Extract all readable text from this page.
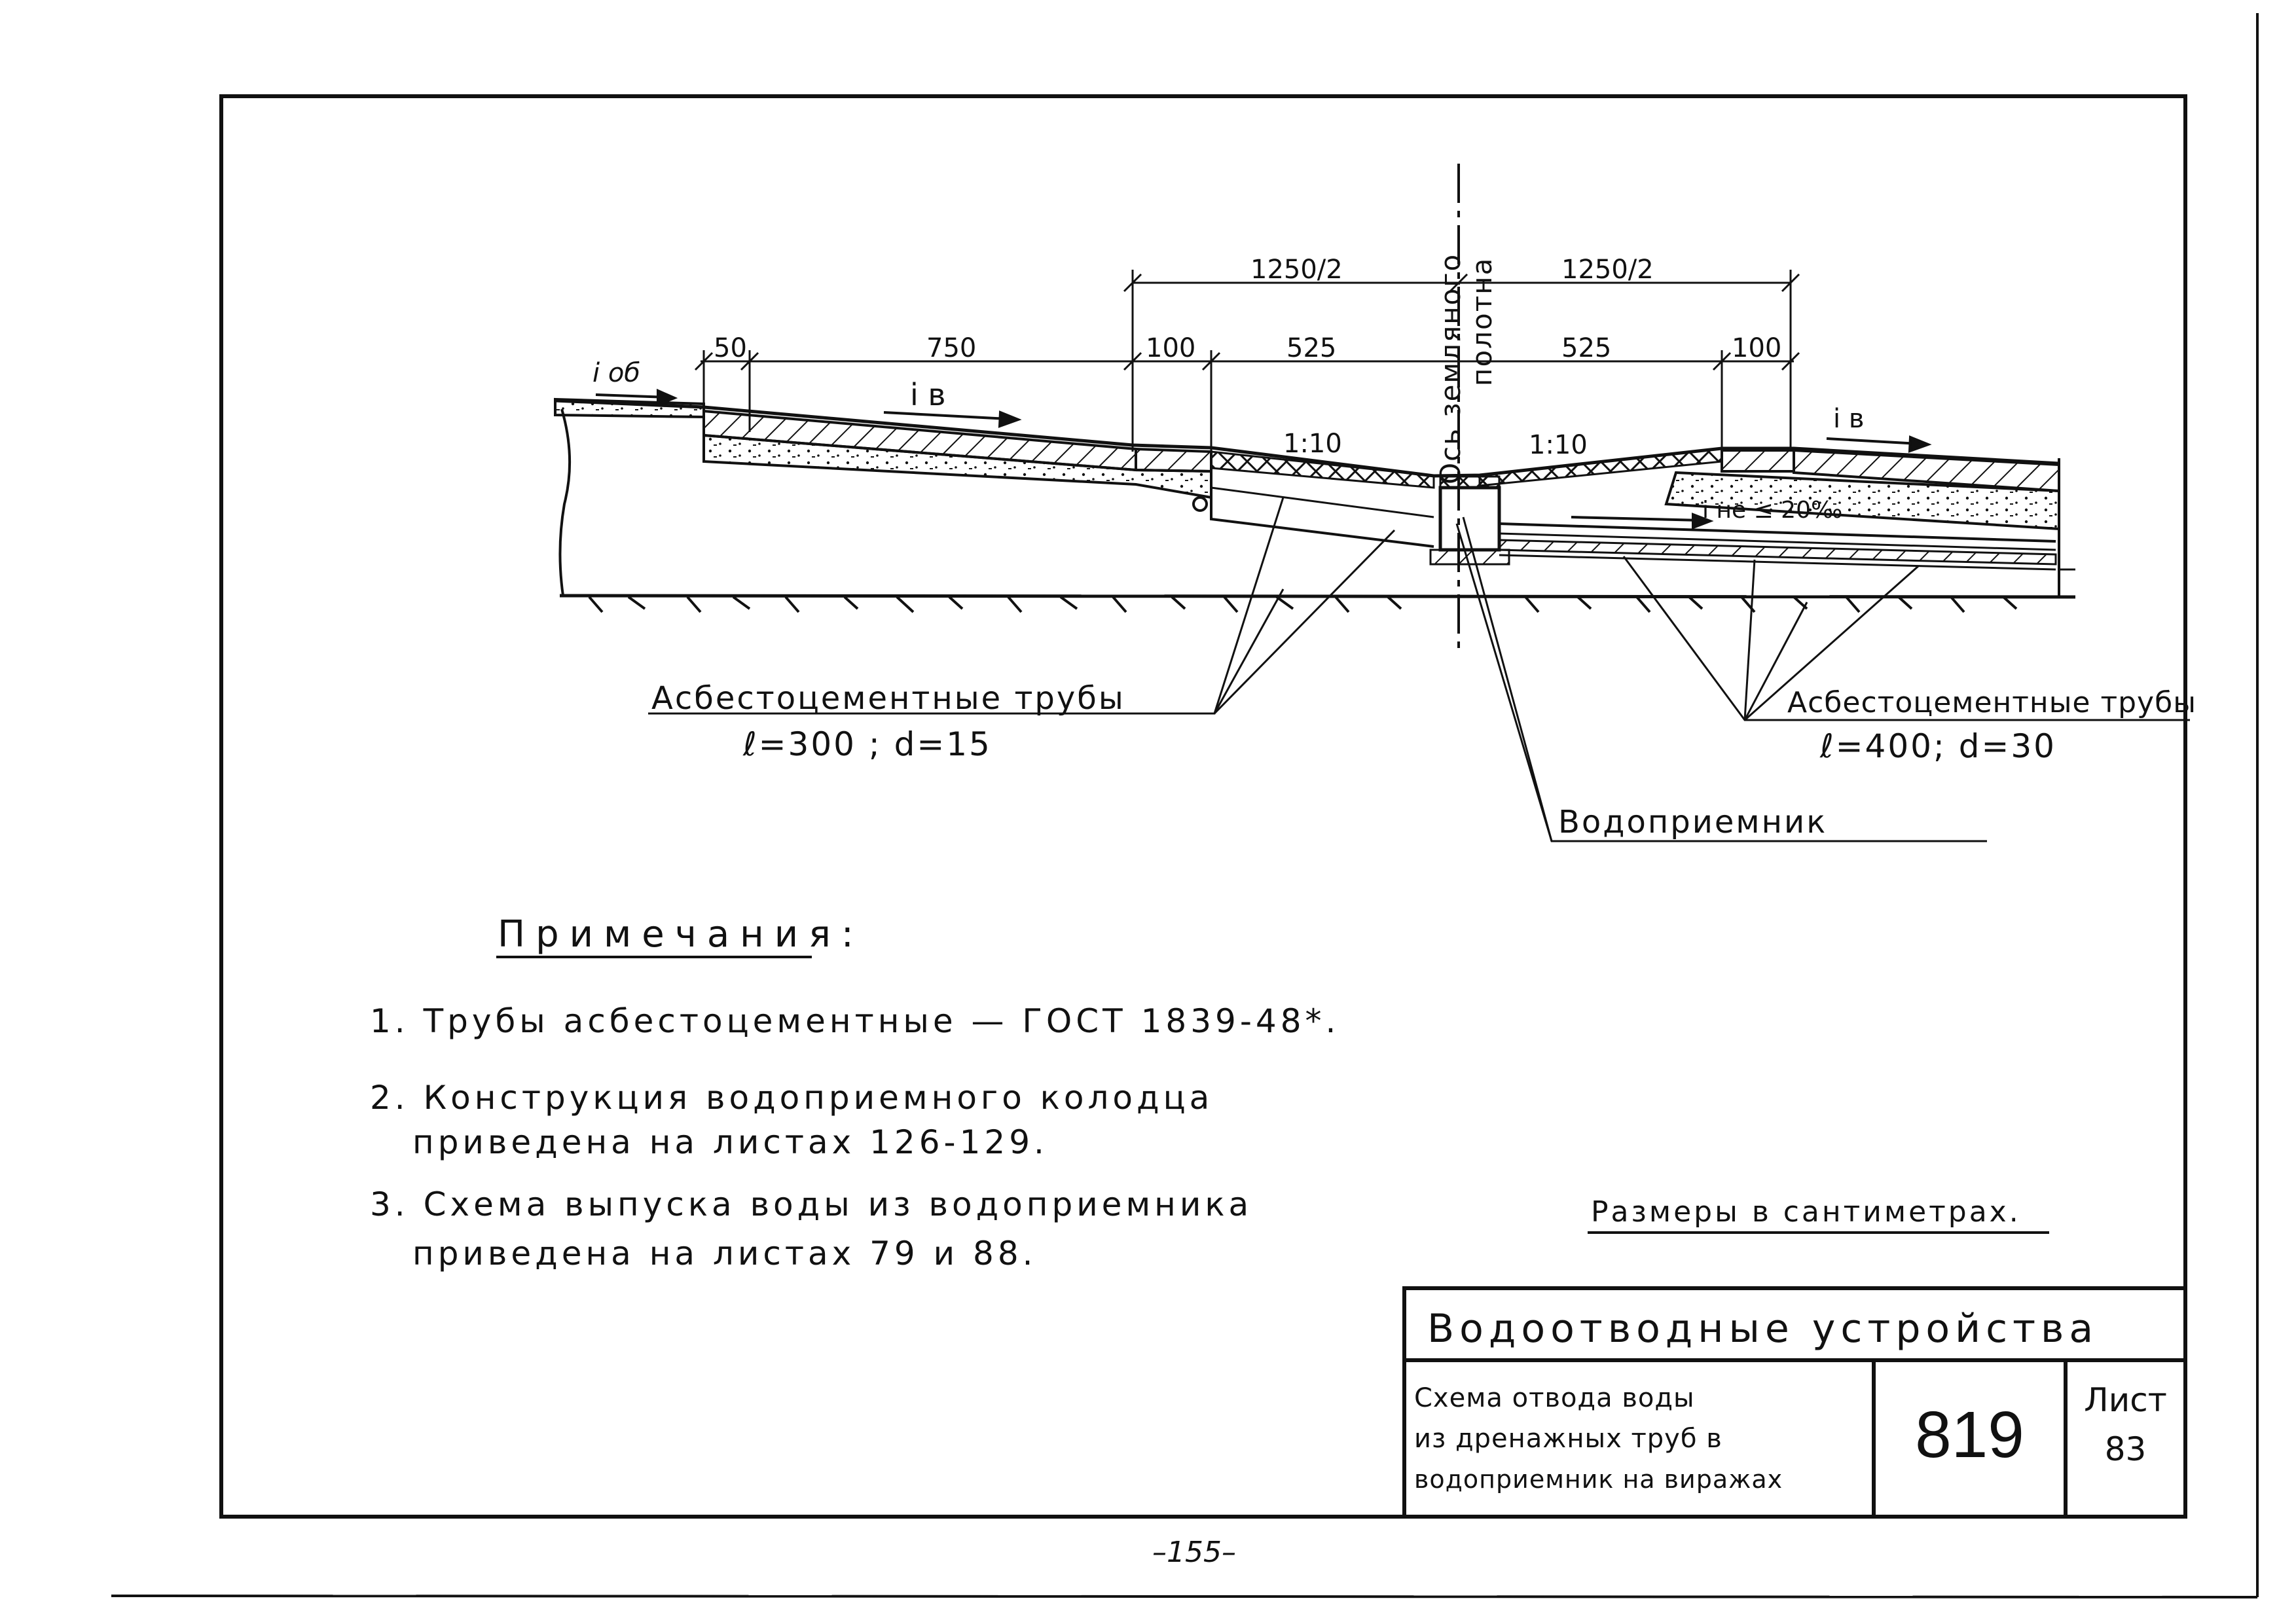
Ось земляного полотна
1250/2	1250/2
50	750	100	525	525	100
i об
i в
i в
1:10	1:10
i не ≤ 20‰
Асбестоцементные трубы
ℓ=300 ; d=15
Асбестоцементные трубы
ℓ=400; d=30
Водоприемник
Примечания:
1. Трубы асбестоцементные — ГОСТ 1839-48*.
2. Конструкция водоприемного колодца
приведена на листах 126-129.
3. Схема выпуска воды из водоприемника
приведена на листах 79 и 88.
Размеры в сантиметрах.
Водоотводные устройства
Схема отвода воды
из дренажных труб в
водоприемник на виражах
819	Лист
83
–155–
